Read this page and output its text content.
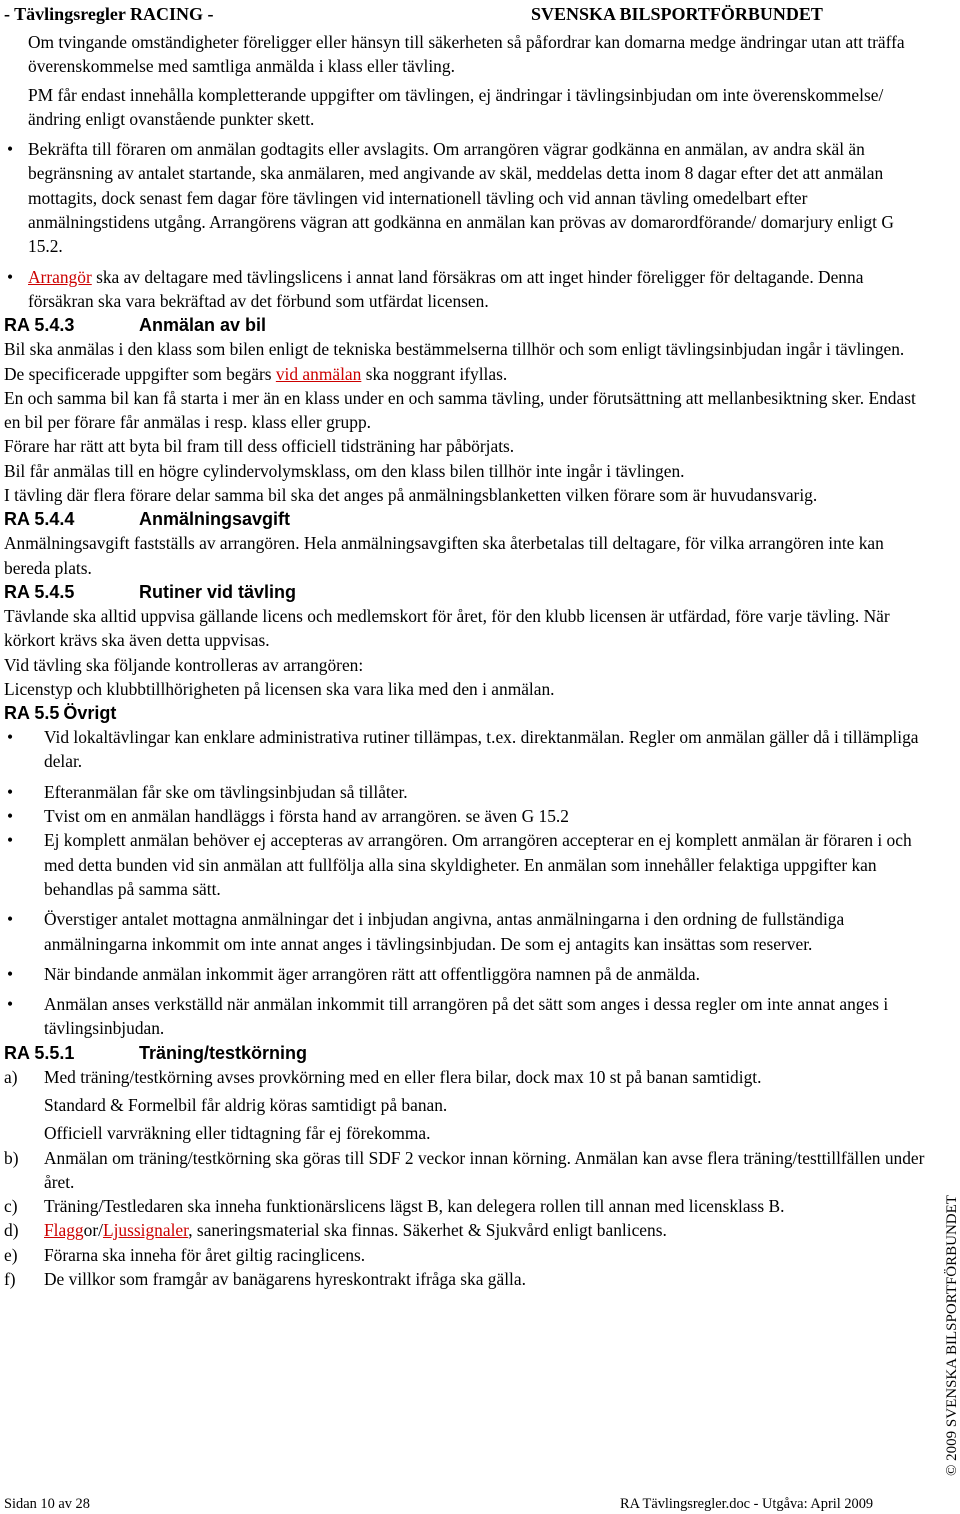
- Tävlingsregler RACING -	SVENSKA BILSPORTFÖRBUNDET

Om tvingande omständigheter föreligger eller hänsyn till säkerheten så påfordrar kan domarna medge ändringar utan att träffa överenskommelse med samtliga anmälda i klass eller tävling.

PM får endast innehålla kompletterande uppgifter om tävlingen, ej ändringar i tävlingsinbjudan om inte överenskommelse/ändring enligt ovanstående punkter skett.

• Bekräfta till föraren om anmälan godtagits eller avslagits. Om arrangören vägrar godkänna en anmälan, av andra skäl än begränsning av antalet startande, ska anmälaren, med angivande av skäl, meddelas detta inom 8 dagar efter det att anmälan mottagits, dock senast fem dagar före tävlingen vid internationell tävling och vid annan tävling omedelbart efter anmälningstidens utgång. Arrangörens vägran att godkänna en anmälan kan prövas av domarordförande/ domarjury enligt G 15.2.

• Arrangör ska av deltagare med tävlingslicens i annat land försäkras om att inget hinder föreligger för deltagande. Denna försäkran ska vara bekräftad av det förbund som utfärdat licensen.

RA 5.4.3	Anmälan av bil

Bil ska anmälas i den klass som bilen enligt de tekniska bestämmelserna tillhör och som enligt tävlingsinbjudan ingår i tävlingen.

De specificerade uppgifter som begärs vid anmälan ska noggrant ifyllas.

En och samma bil kan få starta i mer än en klass under en och samma tävling, under förutsättning att mellanbesiktning sker. Endast en bil per förare får anmälas i resp. klass eller grupp.

Förare har rätt att byta bil fram till dess officiell tidsträning har påbörjats.

Bil får anmälas till en högre cylindervolymsklass, om den klass bilen tillhör inte ingår i tävlingen.

I tävling där flera förare delar samma bil ska det anges på anmälningsblanketten vilken förare som är huvudansvarig.

RA 5.4.4	Anmälningsavgift

Anmälningsavgift fastställs av arrangören. Hela anmälningsavgiften ska återbetalas till deltagare, för vilka arrangören inte kan bereda plats.

RA 5.4.5	Rutiner vid tävling

Tävlande ska alltid uppvisa gällande licens och medlemskort för året, för den klubb licensen är utfärdad, före varje tävling. När körkort krävs ska även detta uppvisas.

Vid tävling ska följande kontrolleras av arrangören:

Licenstyp och klubbtillhörigheten på licensen ska vara lika med den i anmälan.

RA 5.5 Övrigt

• Vid lokaltävlingar kan enklare administrativa rutiner tillämpas, t.ex. direktanmälan. Regler om anmälan gäller då i tillämpliga delar.

• Efteranmälan får ske om tävlingsinbjudan så tillåter.

• Tvist om en anmälan handläggs i första hand av arrangören. se även G 15.2

• Ej komplett anmälan behöver ej accepteras av arrangören. Om arrangören accepterar en ej komplett anmälan är föraren i och med detta bunden vid sin anmälan att fullfölja alla sina skyldigheter. En anmälan som innehåller felaktiga uppgifter kan behandlas på samma sätt.

• Överstiger antalet mottagna anmälningar det i inbjudan angivna, antas anmälningarna i den ordning de fullständiga anmälningarna inkommit om inte annat anges i tävlingsinbjudan. De som ej antagits kan insättas som reserver.

• När bindande anmälan inkommit äger arrangören rätt att offentliggöra namnen på de anmälda.

• Anmälan anses verkställd när anmälan inkommit till arrangören på det sätt som anges i dessa regler om inte annat anges i tävlingsinbjudan.

RA 5.5.1	Träning/testkörning
a) Med träning/testkörning avses provkörning med en eller flera bilar, dock max 10 st på banan samtidigt.

Standard & Formelbil får aldrig köras samtidigt på banan.

Officiell varvräkning eller tidtagning får ej förekomma.

b) Anmälan om träning/testkörning ska göras till SDF 2 veckor innan körning. Anmälan kan avse flera träning/testtillfällen under året.

c) Träning/Testledaren ska inneha funktionärslicens lägst B, kan delegera rollen till annan med licensklass B.

d) Flaggor/Ljussignaler, saneringsmaterial ska finnas. Säkerhet & Sjukvård enligt banlicens.

e) Förarna ska inneha för året giltig racinglicens.

f) De villkor som framgår av banägarens hyreskontrakt ifråga ska gälla.	© 2009 SVENSKA BILSPORTFÖRBUNDET
Sidan 10 av 28	RA Tävlingsregler.doc - Utgåva: April 2009
